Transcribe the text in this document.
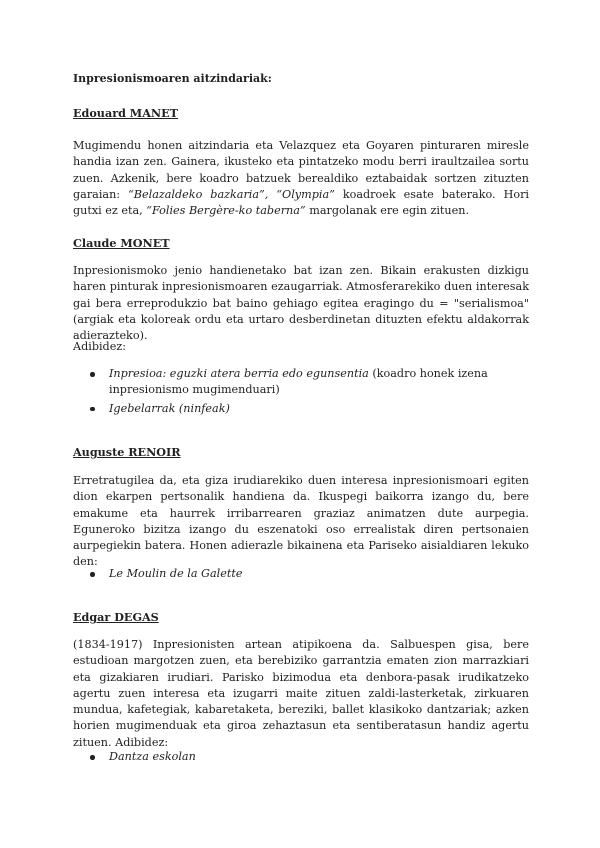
Inpresionismoaren aitzindariak:
Edouard MANET
Mugimendu honen aitzindaria eta Velazquez eta Goyaren pinturaren miresle handia izan zen. Gainera, ikusteko eta pintatzeko modu berri iraultzailea sortu zuen. Azkenik, bere koadro batzuek berealdiko eztabaidak sortzen zituzten garaian: “Belazaldeko bazkaria”, “Olympia” koadroek esate baterako. Hori gutxi ez eta, “Folies Bergère-ko taberna” margolanak ere egin zituen.
Claude MONET
Inpresionismoko jenio handienetako bat izan zen. Bikain erakusten dizkigu haren pinturak inpresionismoaren ezaugarriak. Atmosferarekiko duen interesak gai bera erreprodukzio bat baino gehiago egitea eragingo du = "serialismoa"(argiak eta koloreak ordu eta urtaro desberdinetan dituzten efektu aldakorrak adierazteko).
Adibidez:
Inpresioa: eguzki atera berria edo egunsentia (koadro honek izena inpresionismo mugimenduari)
Igebelarrak (ninfeak)
Auguste RENOIR
Erretratugilea da, eta giza irudiarekiko duen interesa inpresionismoari egiten dion ekarpen pertsonalik handiena da. Ikuspegi baikorra izango du, bere emakume eta haurrek irribarrearen graziaz animatzen dute aurpegia. Eguneroko bizitza izango du eszenatoki oso errealistak diren pertsonaien aurpegiekin batera. Honen adierazle bikainena eta Pariseko aisialdiaren lekuko den:
Le Moulin de la Galette
Edgar DEGAS
(1834-1917) Inpresionisten artean atipikoena da. Salbuespen gisa, bere estudioan margotzen zuen, eta berebiziko garrantzia ematen zion marrazkiari eta gizakiaren irudiari. Parisko bizimodua eta denbora-pasak irudikatzeko agertu zuen interesa eta izugarri maite zituen zaldi-lasterketak, zirkuaren mundua, kafetegiak, kabaretaketa, bereziki, ballet klasikoko dantzariak; azken horien mugimenduak eta giroa zehaztasun eta sentiberatasun handiz agertu zituen. Adibidez:
Dantza eskolan
